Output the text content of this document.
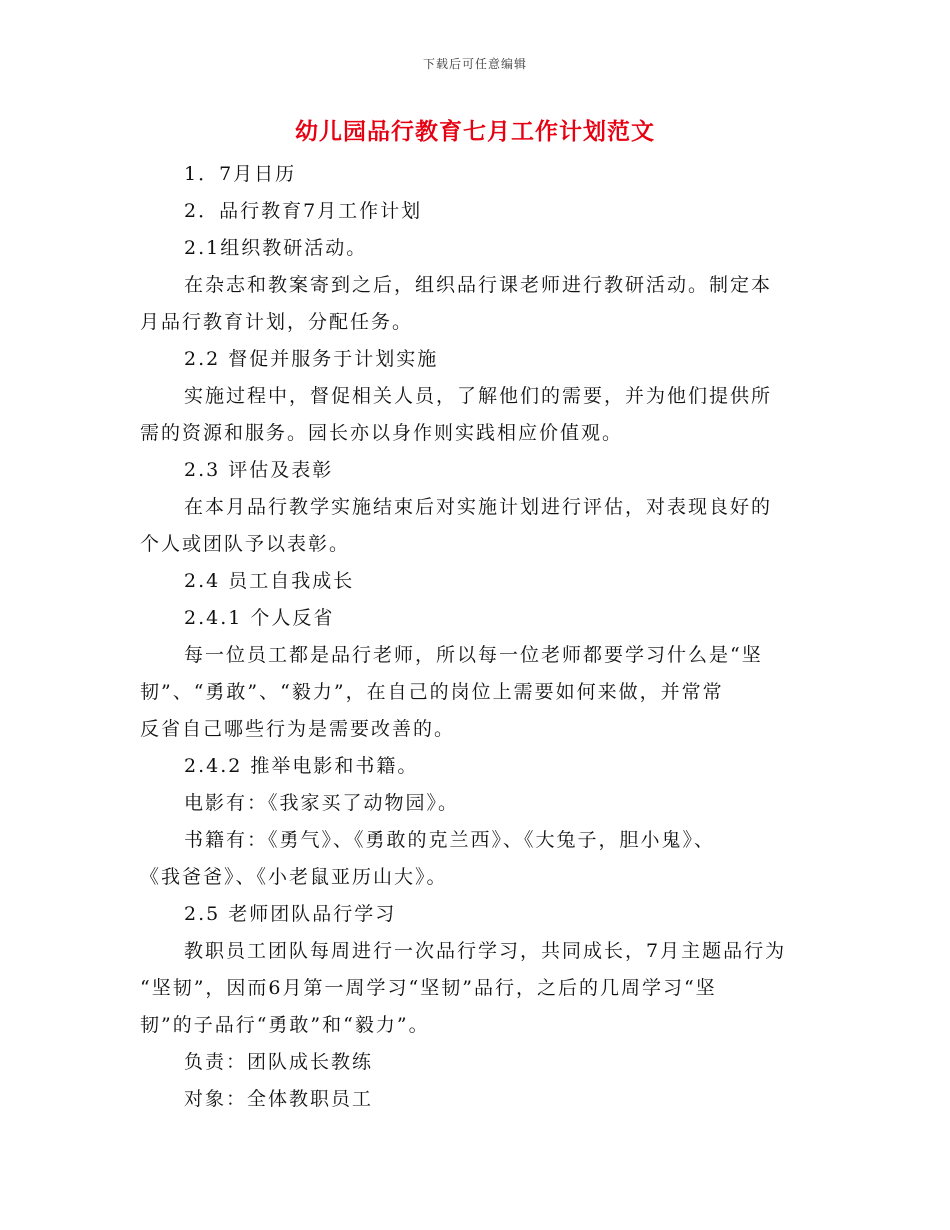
下载后可任意编辑
幼儿园品行教育七月工作计划范文
1．7月日历
2．品行教育7月工作计划
2.1组织教研活动。
在杂志和教案寄到之后，组织品行课老师进行教研活动。制定本
月品行教育计划，分配任务。
2.2 督促并服务于计划实施
实施过程中，督促相关人员，了解他们的需要，并为他们提供所
需的资源和服务。园长亦以身作则实践相应价值观。
2.3 评估及表彰
在本月品行教学实施结束后对实施计划进行评估，对表现良好的
个人或团队予以表彰。
2.4 员工自我成长
2.4.1 个人反省
每一位员工都是品行老师，所以每一位老师都要学习什么是“坚
韧”、“勇敢”、“毅力”，在自己的岗位上需要如何来做，并常常
反省自己哪些行为是需要改善的。
2.4.2 推举电影和书籍。
电影有：《我家买了动物园》。
书籍有：《勇气》、《勇敢的克兰西》、《大兔子，胆小鬼》、
《我爸爸》、《小老鼠亚历山大》。
2.5 老师团队品行学习
教职员工团队每周进行一次品行学习，共同成长，7月主题品行为
“坚韧”，因而6月第一周学习“坚韧”品行，之后的几周学习“坚
韧”的子品行“勇敢”和“毅力”。
负责：团队成长教练
对象：全体教职员工
